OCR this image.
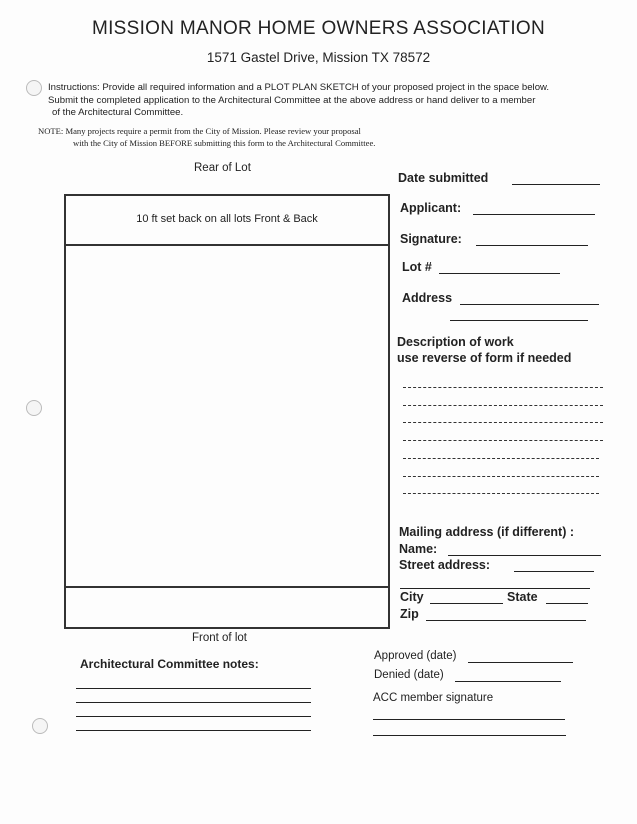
MISSION MANOR HOME OWNERS ASSOCIATION
1571 Gastel Drive, Mission TX 78572
Instructions: Provide all required information and a PLOT PLAN SKETCH of your proposed project in the space below.
Submit the completed application to the Architectural Committee at the above address or hand deliver to a member
of the Architectural Committee.
NOTE: Many projects require a permit from the City of Mission. Please review your proposal
with the City of Mission BEFORE submitting this form to the Architectural Committee.
Rear of Lot
10 ft set back on all lots Front & Back
Front of lot
Date submitted
Applicant:
Signature:
Lot #
Address
Description of work
use reverse of form if needed
Mailing address (if different) :
Name:
Street address:
City	State
Zip
Architectural Committee notes:
Approved (date)
Denied (date)
ACC member signature
